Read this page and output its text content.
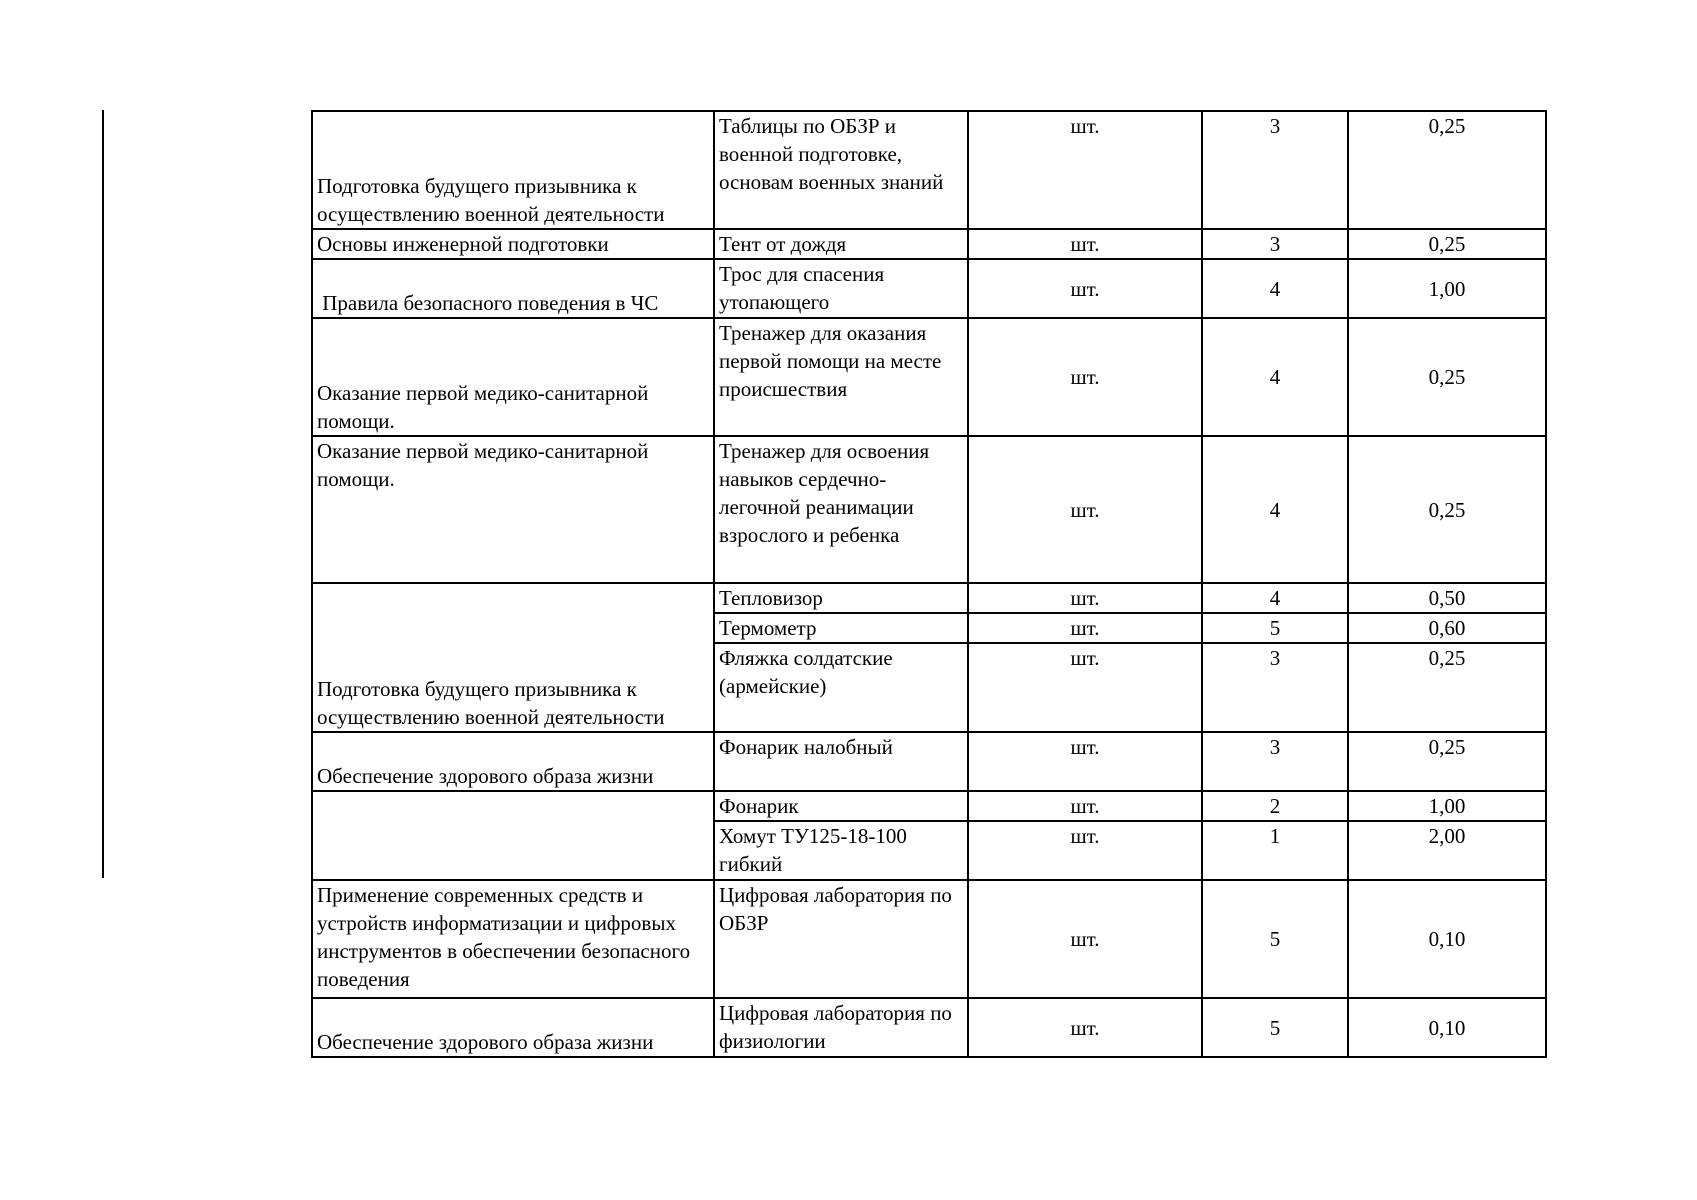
Подготовка будущего призывника к осуществлению военной деятельности	Таблицы по ОБЗР и военной подготовке, основам военных знаний	шт.	3	0,25
Основы инженерной подготовки	Тент от дождя	шт.	3	0,25
Правила безопасного поведения в ЧС	Трос для спасения утопающего	шт.	4	1,00
Оказание первой медико-санитарной помощи.	Тренажер для оказания первой помощи на месте происшествия	шт.	4	0,25
Оказание первой медико-санитарной помощи.	Тренажер для освоения навыков сердечно-легочной реанимации взрослого и ребенка	шт.	4	0,25
Подготовка будущего призывника к осуществлению военной деятельности	Тепловизор	шт.	4	0,50
	Термометр	шт.	5	0,60
	Фляжка солдатские (армейские)	шт.	3	0,25
Обеспечение здорового образа жизни	Фонарик налобный	шт.	3	0,25
	Фонарик	шт.	2	1,00
	Хомут ТУ125-18-100 гибкий	шт.	1	2,00
Применение современных средств и устройств информатизации и цифровых инструментов в обеспечении безопасного поведения	Цифровая лаборатория по ОБЗР	шт.	5	0,10
Обеспечение здорового образа жизни	Цифровая лаборатория по физиологии	шт.	5	0,10
